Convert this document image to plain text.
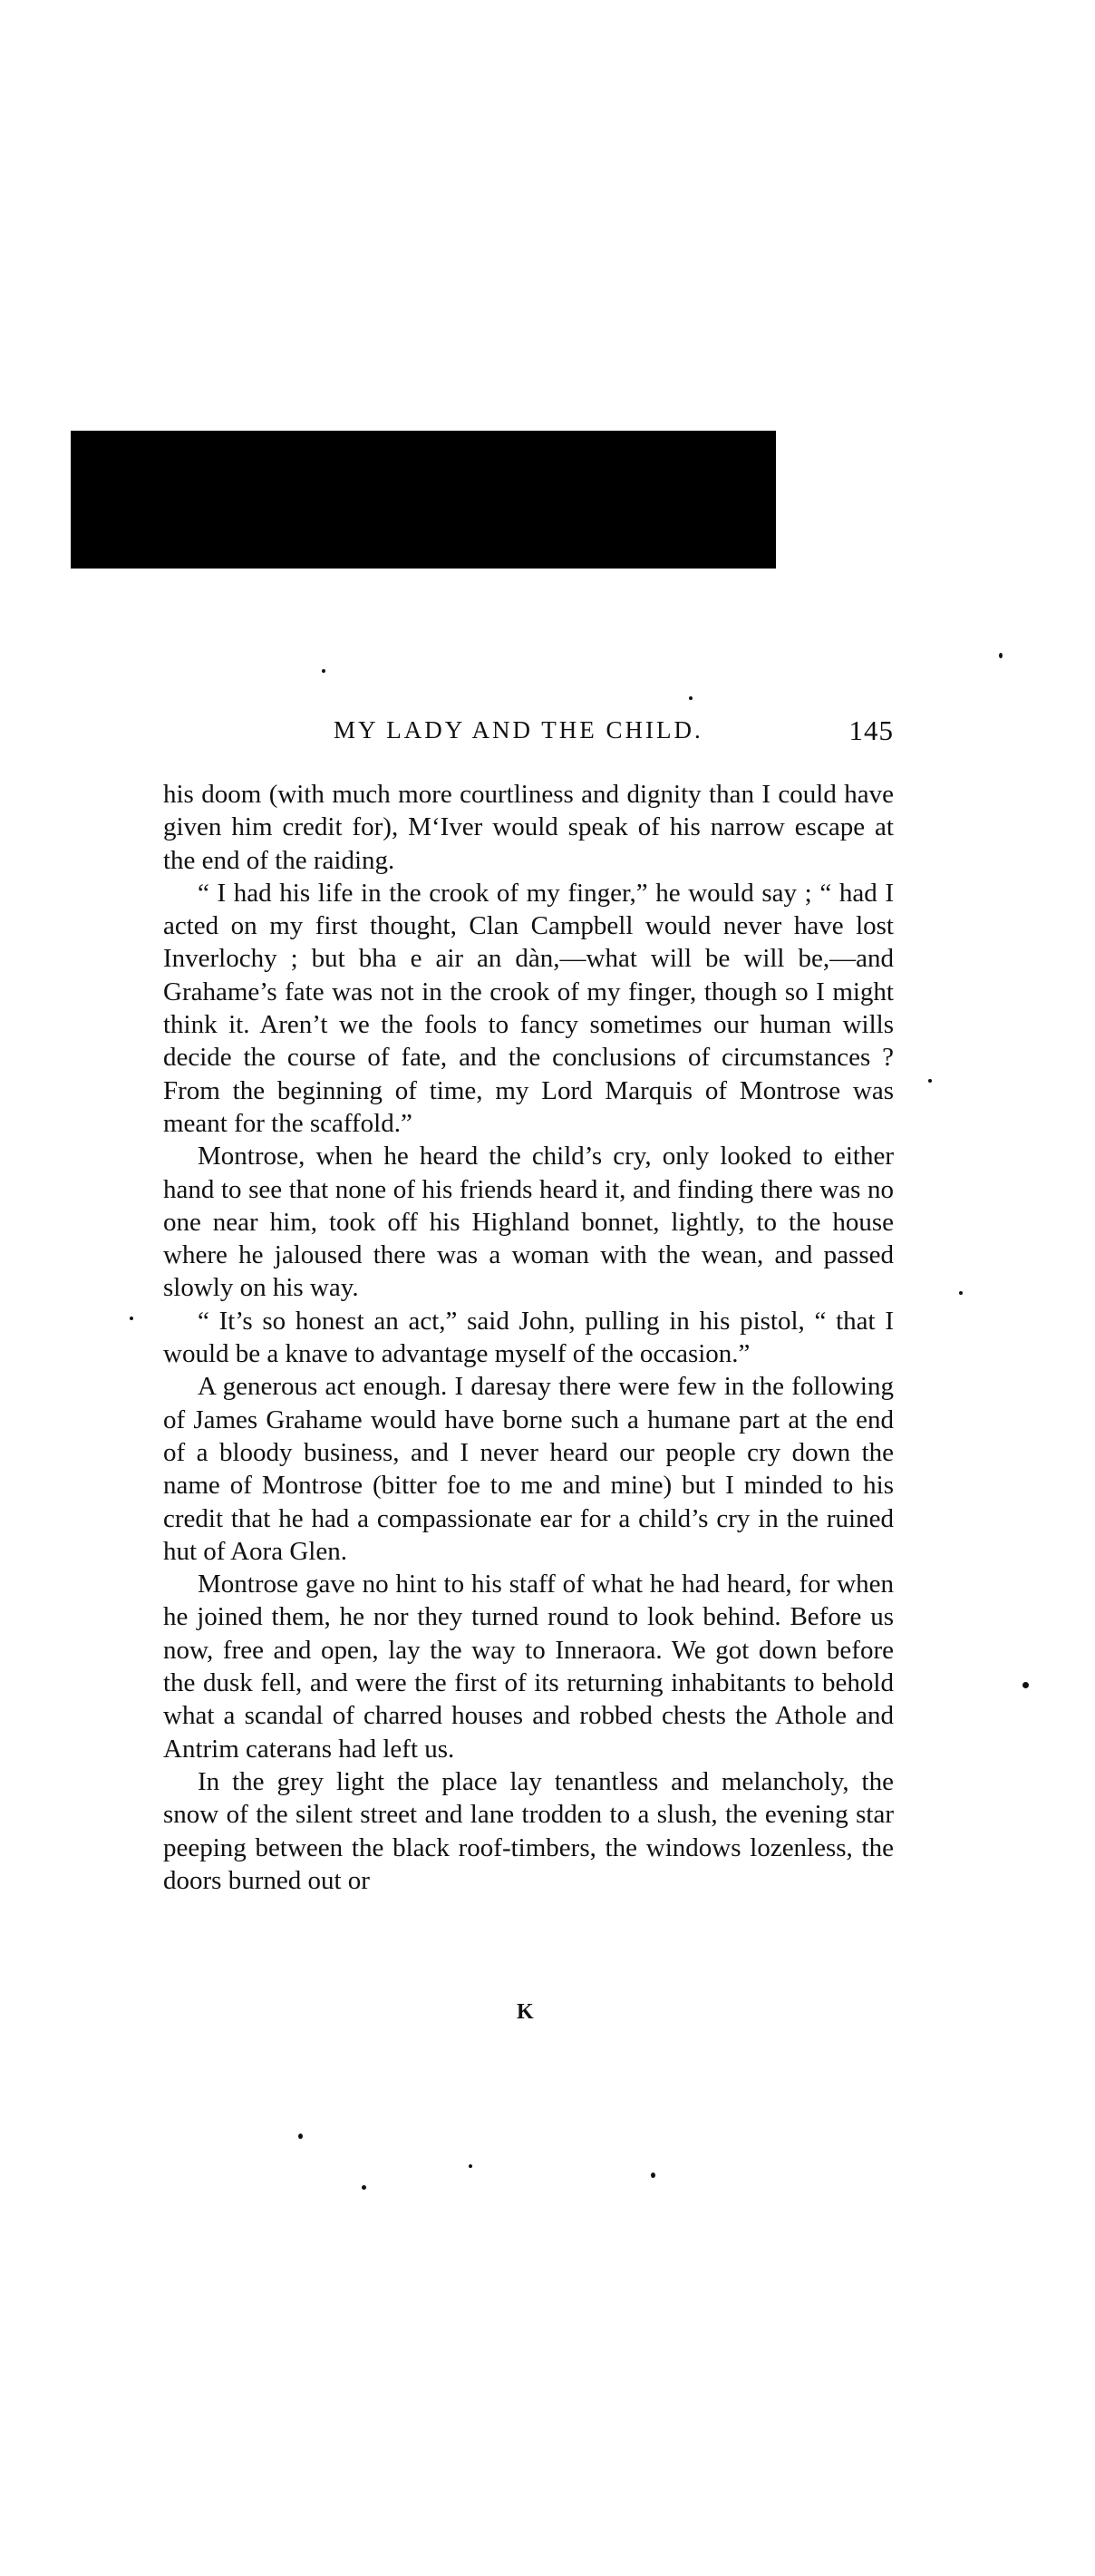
MY LADY AND THE CHILD.	145

his doom (with much more courtliness and dignity than I could have given him credit for), M‘Iver would speak of his narrow escape at the end of the raiding.

“ I had his life in the crook of my finger,” he would say ; “ had I acted on my first thought, Clan Campbell would never have lost Inverlochy ; but bha e air an dàn,—what will be will be,—and Grahame’s fate was not in the crook of my finger, though so I might think it. Aren’t we the fools to fancy sometimes our human wills decide the course of fate, and the conclusions of circumstances ? From the beginning of time, my Lord Marquis of Montrose was meant for the scaffold.”

Montrose, when he heard the child’s cry, only looked to either hand to see that none of his friends heard it, and finding there was no one near him, took off his Highland bonnet, lightly, to the house where he jaloused there was a woman with the wean, and passed slowly on his way.

“ It’s so honest an act,” said John, pulling in his pistol, “ that I would be a knave to advantage myself of the occasion.”

A generous act enough. I daresay there were few in the following of James Grahame would have borne such a humane part at the end of a bloody business, and I never heard our people cry down the name of Montrose (bitter foe to me and mine) but I minded to his credit that he had a compassionate ear for a child’s cry in the ruined hut of Aora Glen.

Montrose gave no hint to his staff of what he had heard, for when he joined them, he nor they turned round to look behind. Before us now, free and open, lay the way to Inneraora. We got down before the dusk fell, and were the first of its returning inhabitants to behold what a scandal of charred houses and robbed chests the Athole and Antrim caterans had left us.

In the grey light the place lay tenantless and melancholy, the snow of the silent street and lane trodden to a slush, the evening star peeping between the black roof-timbers, the windows lozenless, the doors burned out or

K
